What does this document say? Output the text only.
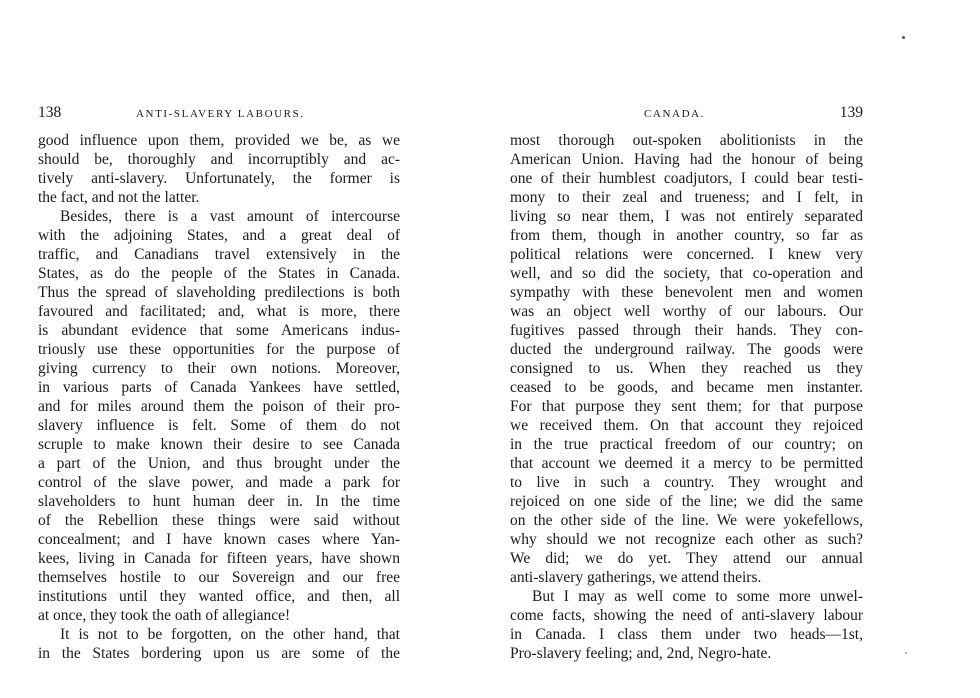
138	ANTI-SLAVERY LABOURS.
good influence upon them, provided we be, as we
should be, thoroughly and incorruptibly and ac-
tively anti-slavery. Unfortunately, the former is
the fact, and not the latter.
Besides, there is a vast amount of intercourse
with the adjoining States, and a great deal of
traffic, and Canadians travel extensively in the
States, as do the people of the States in Canada.
Thus the spread of slaveholding predilections is both
favoured and facilitated; and, what is more, there
is abundant evidence that some Americans indus-
triously use these opportunities for the purpose of
giving currency to their own notions. Moreover,
in various parts of Canada Yankees have settled,
and for miles around them the poison of their pro-
slavery influence is felt. Some of them do not
scruple to make known their desire to see Canada
a part of the Union, and thus brought under the
control of the slave power, and made a park for
slaveholders to hunt human deer in. In the time
of the Rebellion these things were said without
concealment; and I have known cases where Yan-
kees, living in Canada for fifteen years, have shown
themselves hostile to our Sovereign and our free
institutions until they wanted office, and then, all
at once, they took the oath of allegiance!
It is not to be forgotten, on the other hand, that
in the States bordering upon us are some of the
CANADA.	139
most thorough out-spoken abolitionists in the
American Union. Having had the honour of being
one of their humblest coadjutors, I could bear testi-
mony to their zeal and trueness; and I felt, in
living so near them, I was not entirely separated
from them, though in another country, so far as
political relations were concerned. I knew very
well, and so did the society, that co-operation and
sympathy with these benevolent men and women
was an object well worthy of our labours. Our
fugitives passed through their hands. They con-
ducted the underground railway. The goods were
consigned to us. When they reached us they
ceased to be goods, and became men instanter.
For that purpose they sent them; for that purpose
we received them. On that account they rejoiced
in the true practical freedom of our country; on
that account we deemed it a mercy to be permitted
to live in such a country. They wrought and
rejoiced on one side of the line; we did the same
on the other side of the line. We were yokefellows,
why should we not recognize each other as such?
We did; we do yet. They attend our annual
anti-slavery gatherings, we attend theirs.
But I may as well come to some more unwel-
come facts, showing the need of anti-slavery labour
in Canada. I class them under two heads—1st,
Pro-slavery feeling; and, 2nd, Negro-hate.
